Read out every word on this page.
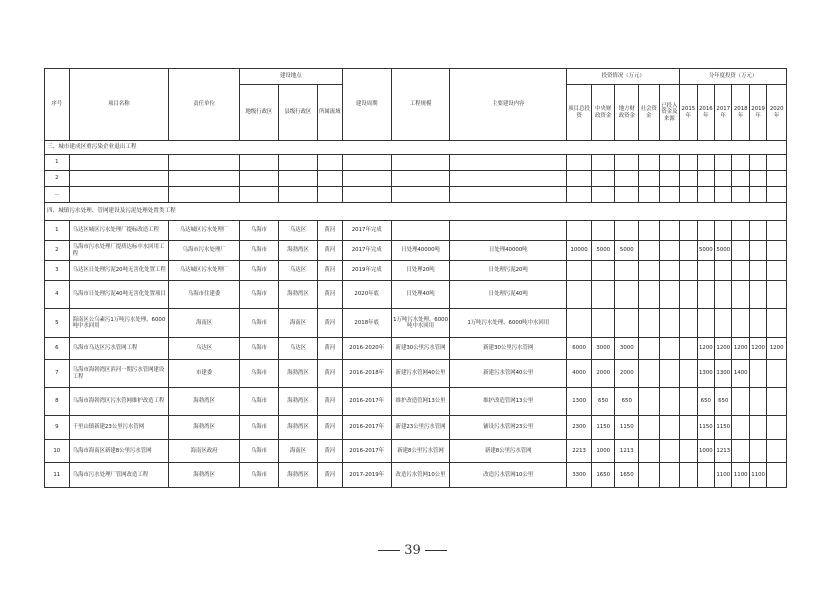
序号	项目名称	责任单位	建设地点			建设周期	工程规模	主要建设内容	投资情况（万元）					分年度投资（万元）					
			地级行政区	县级行政区	所属流域				项目总投资	中央财政资金	地方财政资金	社会资金	已投入资金及来源	2015年	2016年	2017年	2018年	2019年	2020年
三、城市建成区重污染企业退出工程																			
1																			
2																			
...																			
四、城镇污水处理、管网建设及污泥处理处置类工程																			
1	乌达区城区污水处理厂提标改造工程	乌达城区污水处理厂	乌海市	乌达区	黄河	2017年完成													
2	乌海市污水处理厂提质达标中水回用工程	乌海市污水处理厂	乌海市	海勃湾区	黄河	2017年完成	日处理40000吨	日处理40000吨	10000	5000	5000				5000	5000			
3	乌达区日处理污泥20吨无害化处置工程	乌达城区污水处理厂	乌海市	乌达区	黄河	2019年完成	日处理20吨	日处理污泥20吨											
4	乌海市日处理污泥40吨无害化处置项目	乌海市住建委	乌海市	海勃湾区	黄河	2020年底	日处理40吨	日处理污泥40吨											
5	海南区公乌素污1万吨污水处理、6000吨中水回用	海南区	乌海市	海南区	黄河	2018年底	1万吨污水处理、6000吨中水回用	1万吨污水处理、6000吨中水回用											
6	乌海市乌达区污水管网工程	乌达区	乌海市	乌达区	黄河	2016-2020年	新建30公里污水管网	新建30公里污水管网	6000	3000	3000				1200	1200	1200	1200	1200
7	乌海市海勃湾区滨河一期污水管网建设工程	市建委	乌海市	海勃湾区	黄河	2016-2018年	新建污水管网40公里	新建污水管网40公里	4000	2000	2000				1300	1300	1400		
8	乌海市海勃湾区污水管网维护改造工程	海勃湾区	乌海市	海勃湾区	黄河	2016-2017年	维护改造管网13公里	维护改造管网13公里	1300	650	650				650	650			
9	千里山镇新建23公里污水管网	海勃湾区	乌海市	海勃湾区	黄河	2016-2017年	新建23公里污水管网	铺设污水管网23公里	2300	1150	1150				1150	1150			
10	乌海市海南区新建8公里污水管网	海南区政府	乌海市	海南区	黄河	2016-2017年	新建8公里污水管网	新建8公里污水管网	2213	1000	1213				1000	1213			
11	乌海市污水处理厂管网改造工程	海勃湾区	乌海市	海勃湾区	黄河	2017-2019年	改造污水管网10公里	改造污水管网10公里	3300	1650	1650					1100	1100	1100	
39
